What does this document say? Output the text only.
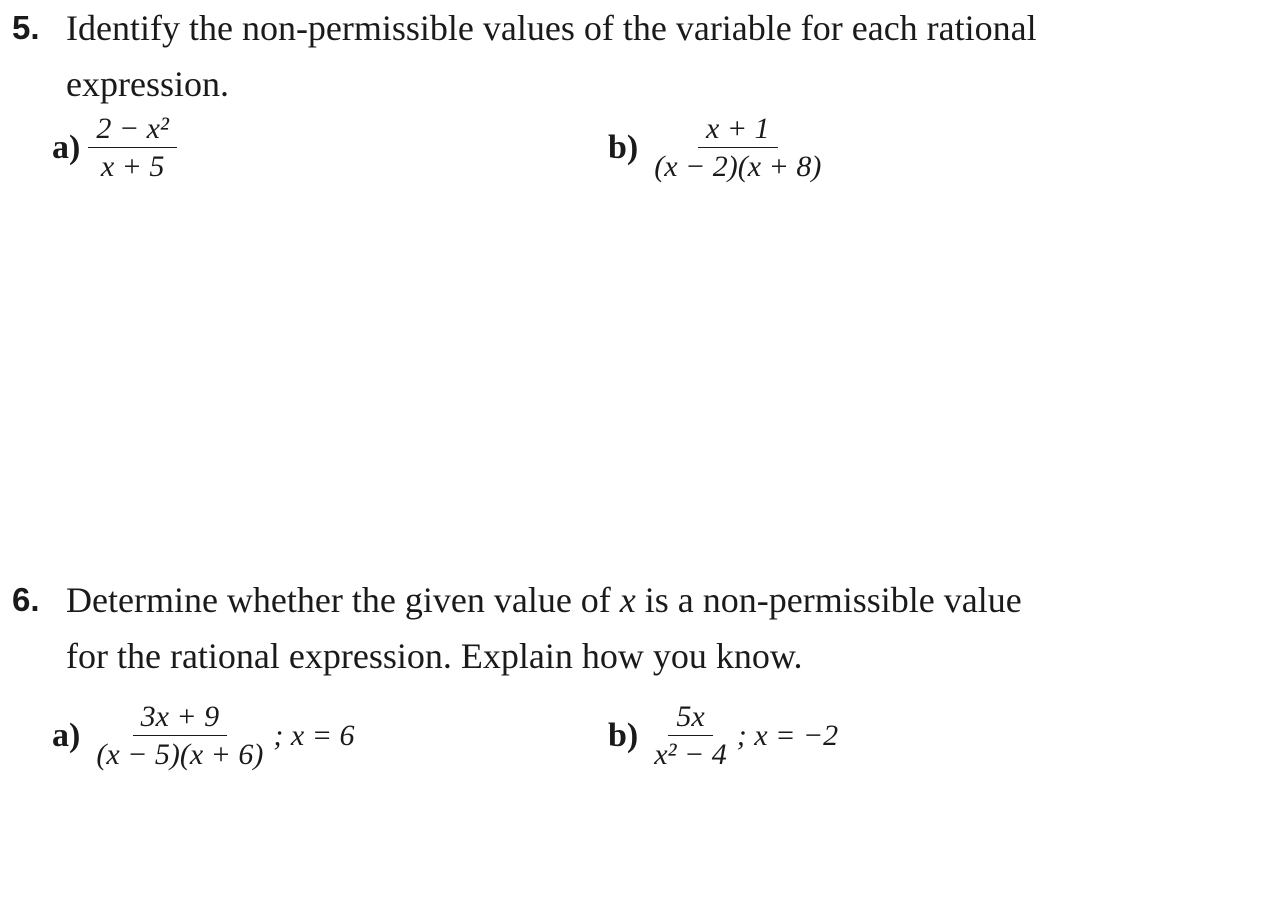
5. Identify the non-permissible values of the variable for each rational
expression.
$a) \frac{\text{2 − x²}}{x + 5}$	$b) \frac{x + 1}{(x - 2)(x + 8)}$
6. Determine whether the given value of x is a non-permissible value
for the rational expression. Explain how you know.
$a) \frac{3x + 9}{(x - 5)(x + 6)}$ ; x = 6	$b) \frac{5x}{\text{x² − 4}}$ ; x = −2
